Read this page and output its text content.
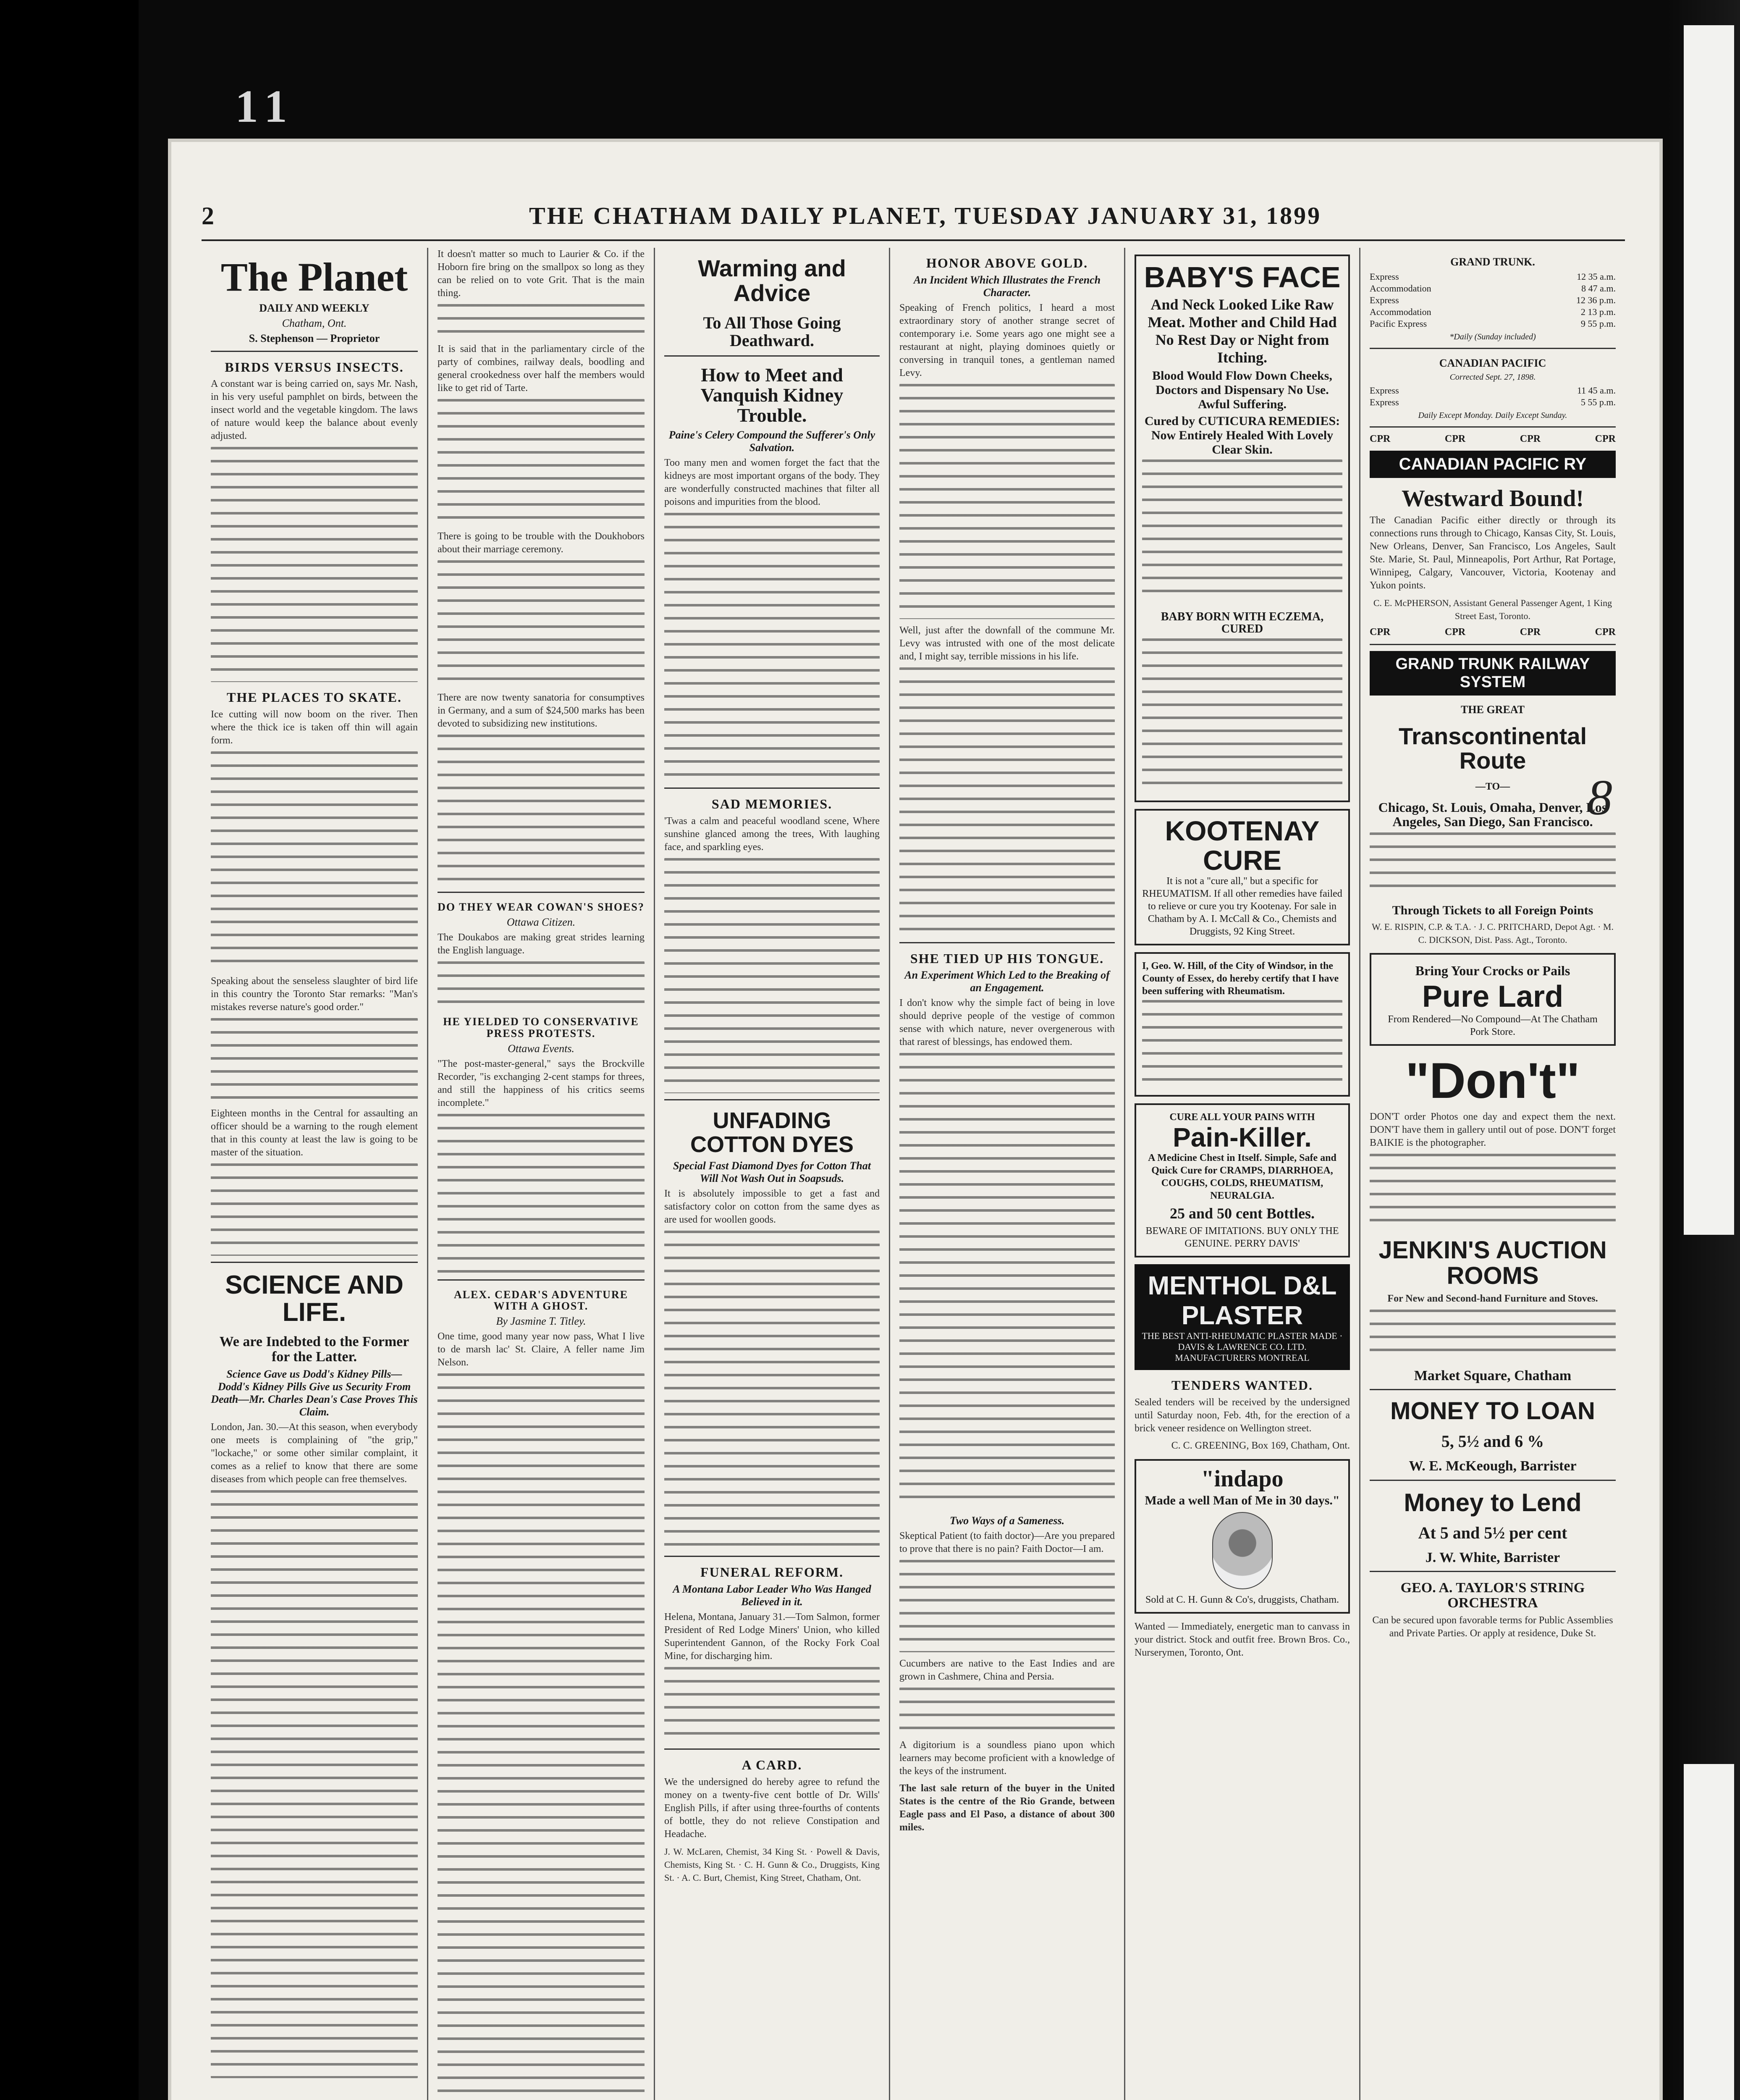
11
2	THE CHATHAM DAILY PLANET, TUESDAY JANUARY 31, 1899
The Planet
DAILY AND WEEKLY
Chatham, Ont.
S. Stephenson — Proprietor
BIRDS VERSUS INSECTS.

A constant war is being carried on, says Mr. Nash, in his very useful pamphlet on birds, between the insect world and the vegetable kingdom. The laws of nature would keep the balance about evenly adjusted.

THE PLACES TO SKATE.

Ice cutting will now boom on the river. Then where the thick ice is taken off thin will again form.

Speaking about the senseless slaughter of bird life in this country the Toronto Star remarks: "Man's mistakes reverse nature's good order."

Eighteen months in the Central for assaulting an officer should be a warning to the rough element that in this county at least the law is going to be master of the situation.

SCIENCE AND LIFE.
We are Indebted to the Former for the Latter.
Science Gave us Dodd's Kidney Pills—Dodd's Kidney Pills Give us Security From Death—Mr. Charles Dean's Case Proves This Claim.

London, Jan. 30.—At this season, when everybody one meets is complaining of "the grip," "lockache," or some other similar complaint, it comes as a relief to know that there are some diseases from which people can free themselves.

It doesn't matter so much to Laurier & Co. if the Hoborn fire bring on the smallpox so long as they can be relied on to vote Grit. That is the main thing.

It is said that in the parliamentary circle of the party of combines, railway deals, boodling and general crookedness over half the members would like to get rid of Tarte.

There is going to be trouble with the Doukhobors about their marriage ceremony.

There are now twenty sanatoria for consumptives in Germany, and a sum of $24,500 marks has been devoted to subsidizing new institutions.

DO THEY WEAR COWAN'S SHOES?
Ottawa Citizen.

The Doukabos are making great strides learning the English language.

HE YIELDED TO CONSERVATIVE PRESS PROTESTS.
Ottawa Events.

"The post-master-general," says the Brockville Recorder, "is exchanging 2-cent stamps for threes, and still the happiness of his critics seems incomplete."

ALEX. CEDAR'S ADVENTURE WITH A GHOST.
By Jasmine T. Titley.

One time, good many year now pass, What I live to de marsh lac' St. Claire, A feller name Jim Nelson.

Warming and Advice
To All Those Going Deathward.
How to Meet and Vanquish Kidney Trouble.
Paine's Celery Compound the Sufferer's Only Salvation.

Too many men and women forget the fact that the kidneys are most important organs of the body. They are wonderfully constructed machines that filter all poisons and impurities from the blood.

SAD MEMORIES.

'Twas a calm and peaceful woodland scene, Where sunshine glanced among the trees, With laughing face, and sparkling eyes.

UNFADING COTTON DYES
Special Fast Diamond Dyes for Cotton That Will Not Wash Out in Soapsuds.

It is absolutely impossible to get a fast and satisfactory color on cotton from the same dyes as are used for woollen goods.

FUNERAL REFORM.
A Montana Labor Leader Who Was Hanged Believed in it.

Helena, Montana, January 31.—Tom Salmon, former President of Red Lodge Miners' Union, who killed Superintendent Gannon, of the Rocky Fork Coal Mine, for discharging him.

A CARD.

We the undersigned do hereby agree to refund the money on a twenty-five cent bottle of Dr. Wills' English Pills, if after using three-fourths of contents of bottle, they do not relieve Constipation and Headache.

J. W. McLaren, Chemist, 34 King St. · Powell & Davis, Chemists, King St. · C. H. Gunn & Co., Druggists, King St. · A. C. Burt, Chemist, King Street, Chatham, Ont.

HONOR ABOVE GOLD.
An Incident Which Illustrates the French Character.

Speaking of French politics, I heard a most extraordinary story of another strange secret of contemporary i.e. Some years ago one might see a restaurant at night, playing dominoes quietly or conversing in tranquil tones, a gentleman named Levy.

Well, just after the downfall of the commune Mr. Levy was intrusted with one of the most delicate and, I might say, terrible missions in his life.

SHE TIED UP HIS TONGUE.
An Experiment Which Led to the Breaking of an Engagement.

I don't know why the simple fact of being in love should deprive people of the vestige of common sense with which nature, never overgenerous with that rarest of blessings, has endowed them.

Two Ways of a Sameness.

Skeptical Patient (to faith doctor)—Are you prepared to prove that there is no pain? Faith Doctor—I am.

Cucumbers are native to the East Indies and are grown in Cashmere, China and Persia.

A digitorium is a soundless piano upon which learners may become proficient with a knowledge of the keys of the instrument.

The last sale return of the buyer in the United States is the centre of the Rio Grande, between Eagle pass and El Paso, a distance of about 300 miles.

BABY'S FACE
And Neck Looked Like Raw Meat. Mother and Child Had No Rest Day or Night from Itching.
Blood Would Flow Down Cheeks, Doctors and Dispensary No Use. Awful Suffering.
Cured by CUTICURA REMEDIES: Now Entirely Healed With Lovely Clear Skin.
BABY BORN WITH ECZEMA, CURED
KOOTENAY CURE
It is not a "cure all," but a specific for RHEUMATISM. If all other remedies have failed to relieve or cure you try Kootenay. For sale in Chatham by A. I. McCall & Co., Chemists and Druggists, 92 King Street.
I, Geo. W. Hill, of the City of Windsor, in the County of Essex, do hereby certify that I have been suffering with Rheumatism.
CURE ALL YOUR PAINS WITH
Pain-Killer.
A Medicine Chest in Itself. Simple, Safe and Quick Cure for CRAMPS, DIARRHOEA, COUGHS, COLDS, RHEUMATISM, NEURALGIA.
25 and 50 cent Bottles.
BEWARE OF IMITATIONS. BUY ONLY THE GENUINE. PERRY DAVIS'
MENTHOL D&L PLASTER
THE BEST ANTI-RHEUMATIC PLASTER MADE · DAVIS & LAWRENCE CO. LTD. MANUFACTURERS MONTREAL
TENDERS WANTED.

Sealed tenders will be received by the undersigned until Saturday noon, Feb. 4th, for the erection of a brick veneer residence on Wellington street.

C. C. GREENING, Box 169, Chatham, Ont.

"indapo
Made a well Man of Me in 30 days."
Sold at C. H. Gunn & Co's, druggists, Chatham.

Wanted — Immediately, energetic man to canvass in your district. Stock and outfit free. Brown Bros. Co., Nurserymen, Toronto, Ont.

GRAND TRUNK.
Express	12 35 a.m.
Accommodation	8 47 a.m.
Express	12 36 p.m.
Accommodation	2 13 p.m.
Pacific Express	9 55 p.m.
*Daily (Sunday included)
CANADIAN PACIFIC
Corrected Sept. 27, 1898.
Express	11 45 a.m.
Express	5 55 p.m.
Daily Except Monday. Daily Except Sunday.
CPR	CPR	CPR	CPR
CANADIAN PACIFIC RY
Westward Bound!

The Canadian Pacific either directly or through its connections runs through to Chicago, Kansas City, St. Louis, New Orleans, Denver, San Francisco, Los Angeles, Sault Ste. Marie, St. Paul, Minneapolis, Port Arthur, Rat Portage, Winnipeg, Calgary, Vancouver, Victoria, Kootenay and Yukon points.

C. E. McPHERSON, Assistant General Passenger Agent, 1 King Street East, Toronto.

CPR	CPR	CPR	CPR
GRAND TRUNK RAILWAY SYSTEM
THE GREAT
Transcontinental Route
—TO—
Chicago, St. Louis, Omaha, Denver, Los Angeles, San Diego, San Francisco.
Through Tickets to all Foreign Points

W. E. RISPIN, C.P. & T.A. · J. C. PRITCHARD, Depot Agt. · M. C. DICKSON, Dist. Pass. Agt., Toronto.

Bring Your Crocks or Pails
Pure Lard
From Rendered—No Compound—At The Chatham Pork Store.
"Don't"

DON'T order Photos one day and expect them the next. DON'T have them in gallery until out of pose. DON'T forget BAIKIE is the photographer.

JENKIN'S AUCTION ROOMS

For New and Second-hand Furniture and Stoves.

Market Square, Chatham
MONEY TO LOAN
5, 5½ and 6 %
W. E. McKeough, Barrister
Money to Lend
At 5 and 5½ per cent
J. W. White, Barrister
GEO. A. TAYLOR'S STRING ORCHESTRA

Can be secured upon favorable terms for Public Assemblies and Private Parties. Or apply at residence, Duke St.

8
